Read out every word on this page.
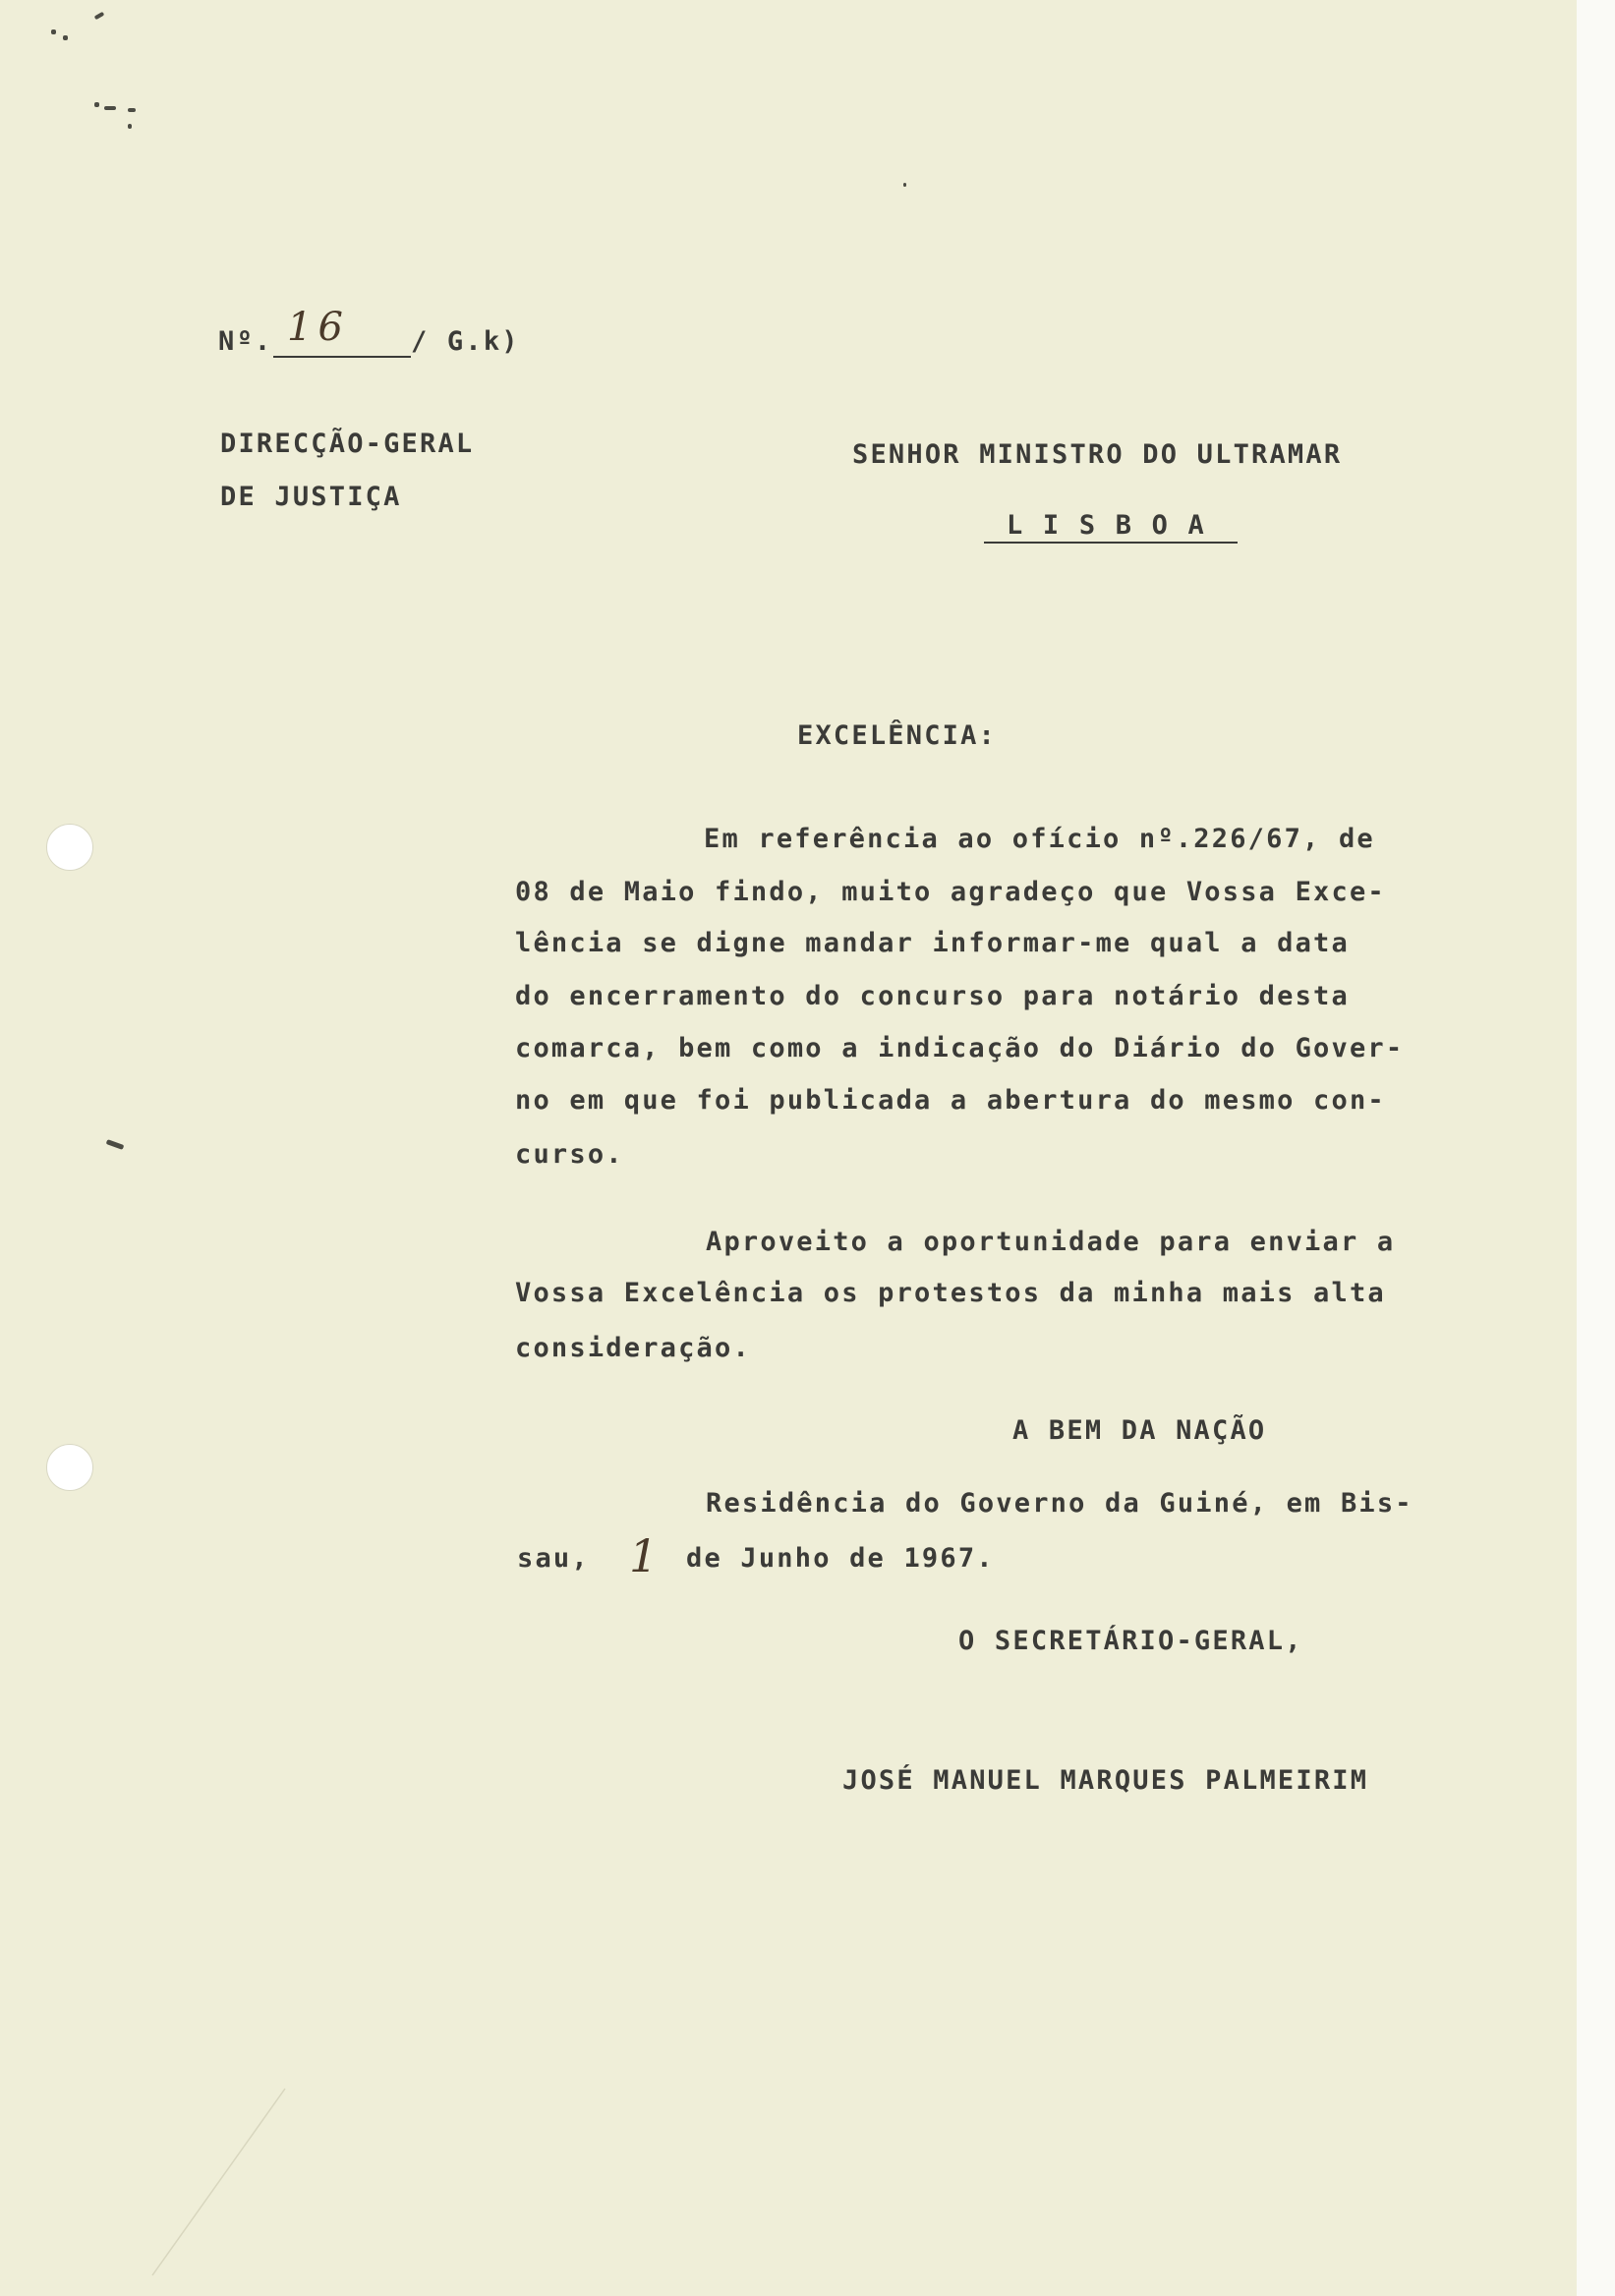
Nº. 16 / G.k)
DIRECÇÃO-GERAL
DE JUSTIÇA
SENHOR MINISTRO DO ULTRAMAR
L I S B O A
EXCELÊNCIA:
Em referência ao ofício nº.226/67, de
08 de Maio findo, muito agradeço que Vossa Exce-
lência se digne mandar informar-me qual a data
do encerramento do concurso para notário desta
comarca, bem como a indicação do Diário do Gover-
no em que foi publicada a abertura do mesmo con-
curso.
Aproveito a oportunidade para enviar a
Vossa Excelência os protestos da minha mais alta
consideração.
A BEM DA NAÇÃO
Residência do Governo da Guiné, em Bis-
sau, 1 de Junho de 1967.
O SECRETÁRIO-GERAL,
JOSÉ MANUEL MARQUES PALMEIRIM
